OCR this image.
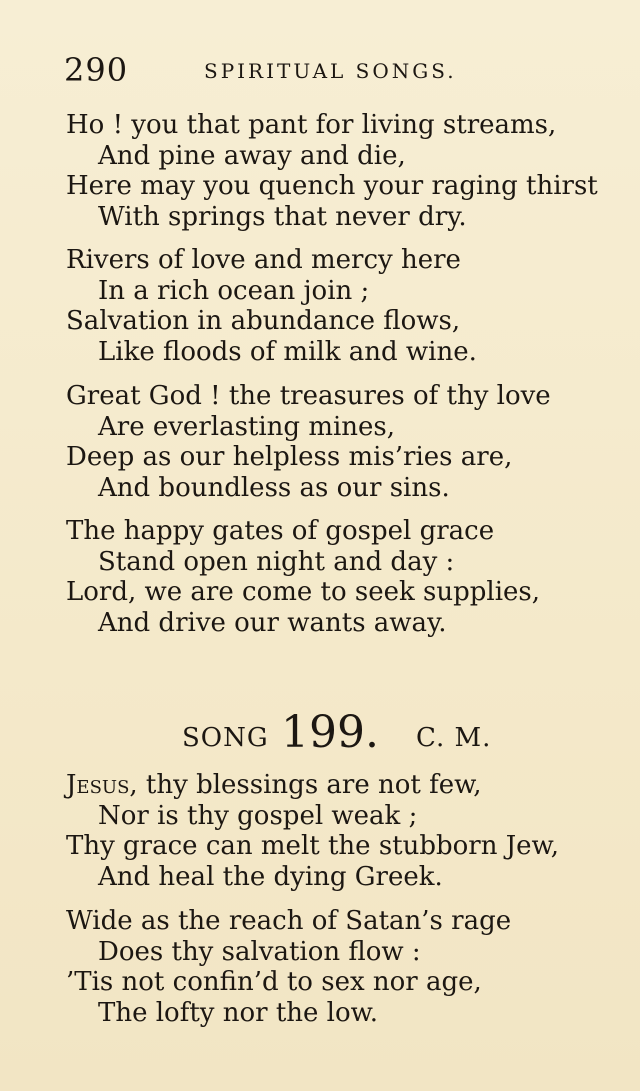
290	SPIRITUAL SONGS.
Ho ! you that pant for living streams,
And pine away and die,
Here may you quench your raging thirst
With springs that never dry.
Rivers of love and mercy here
In a rich ocean join ;
Salvation in abundance flows,
Like floods of milk and wine.
Great God ! the treasures of thy love
Are everlasting mines,
Deep as our helpless mis’ries are,
And boundless as our sins.
The happy gates of gospel grace
Stand open night and day :
Lord, we are come to seek supplies,
And drive our wants away.
SONG 199. C. M.
Jesus, thy blessings are not few,
Nor is thy gospel weak ;
Thy grace can melt the stubborn Jew,
And heal the dying Greek.
Wide as the reach of Satan’s rage
Does thy salvation flow :
’Tis not confin’d to sex nor age,
The lofty nor the low.
